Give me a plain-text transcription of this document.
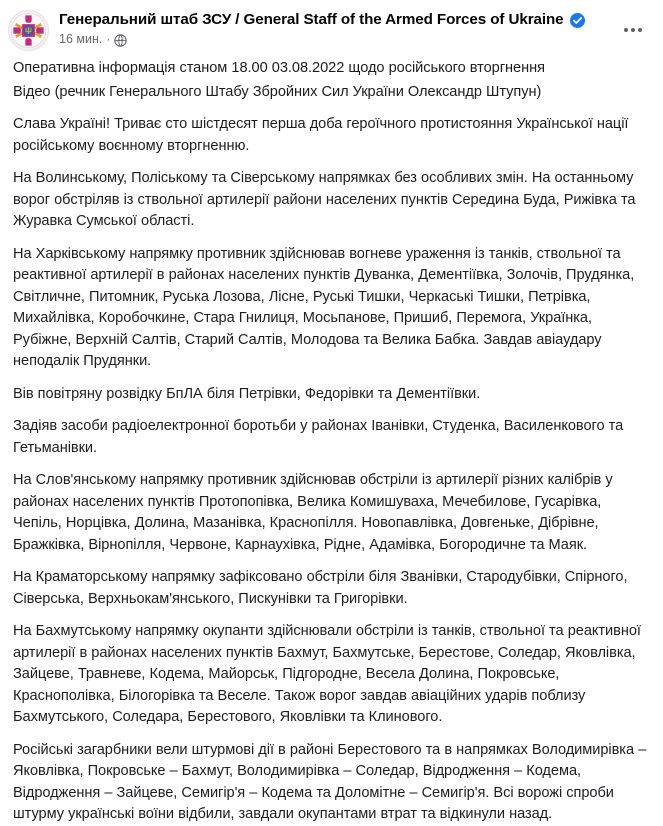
Генеральний штаб ЗСУ / General Staff of the Armed Forces of Ukraine
16 мин. ·

Оперативна інформація станом 18.00 03.08.2022 щодо російського вторгнення

Відео (речник Генерального Штабу Збройних Сил України Олександр Штупун)

Слава Україні! Триває сто шістдесят перша доба героїчного протистояння Української нації російському воєнному вторгненню.

На Волинському, Поліському та Сіверському напрямках без особливих змін. На останньому ворог обстріляв із ствольної артилерії райони населених пунктів Середина Буда, Рижівка та Журавка Сумської області.

На Харківському напрямку противник здійснював вогневе ураження із танків, ствольної та реактивної артилерії в районах населених пунктів Дуванка, Дементіївка, Золочів, Прудянка, Світличне, Питомник, Руська Лозова, Лісне, Руські Тишки, Черкаські Тишки, Петрівка, Михайлівка, Коробочкине, Стара Гнилиця, Мосьпанове, Пришиб, Перемога, Українка, Рубіжне, Верхній Салтів, Старий Салтів, Молодова та Велика Бабка. Завдав авіаудару неподалік Прудянки.

Вів повітряну розвідку БпЛА біля Петрівки, Федорівки та Дементіївки.

Задіяв засоби радіоелектронної боротьби у районах Іванівки, Студенка, Василенкового та Гетьманівки.

На Слов'янському напрямку противник здійснював обстріли із артилерії різних калібрів у районах населених пунктів Протопопівка, Велика Комишуваха, Мечебилове, Гусарівка, Чепіль, Норцівка, Долина, Мазанівка, Краснопілля. Новопавлівка, Довгеньке, Дібрівне, Бражківка, Вірнопілля, Червоне, Карнаухівка, Рідне, Адамівка, Богородичне та Маяк.

На Краматорському напрямку зафіксовано обстріли біля Званівки, Стародубівки, Спірного, Сіверська, Верхньокам'янського, Пискунівки та Григорівки.

На Бахмутському напрямку окупанти здійснювали обстріли із танків, ствольної та реактивної артилерії в районах населених пунктів Бахмут, Бахмутське, Берестове, Соледар, Яковлівка, Зайцеве, Травневе, Кодема, Майорськ, Підгородне, Весела Долина, Покровське, Краснополівка, Білогорівка та Веселе. Також ворог завдав авіаційних ударів поблизу Бахмутського, Соледара, Берестового, Яковлівки та Клинового.

Російські загарбники вели штурмові дії в районі Берестового та в напрямках Володимирівка – Яковлівка, Покровське – Бахмут, Володимирівка – Соледар, Відродження – Кодема, Відродження – Зайцеве, Семигір'я – Кодема та Доломітне – Семигір'я. Всі ворожі спроби штурму українські воїни відбили, завдали окупантами втрат та відкинули назад.
